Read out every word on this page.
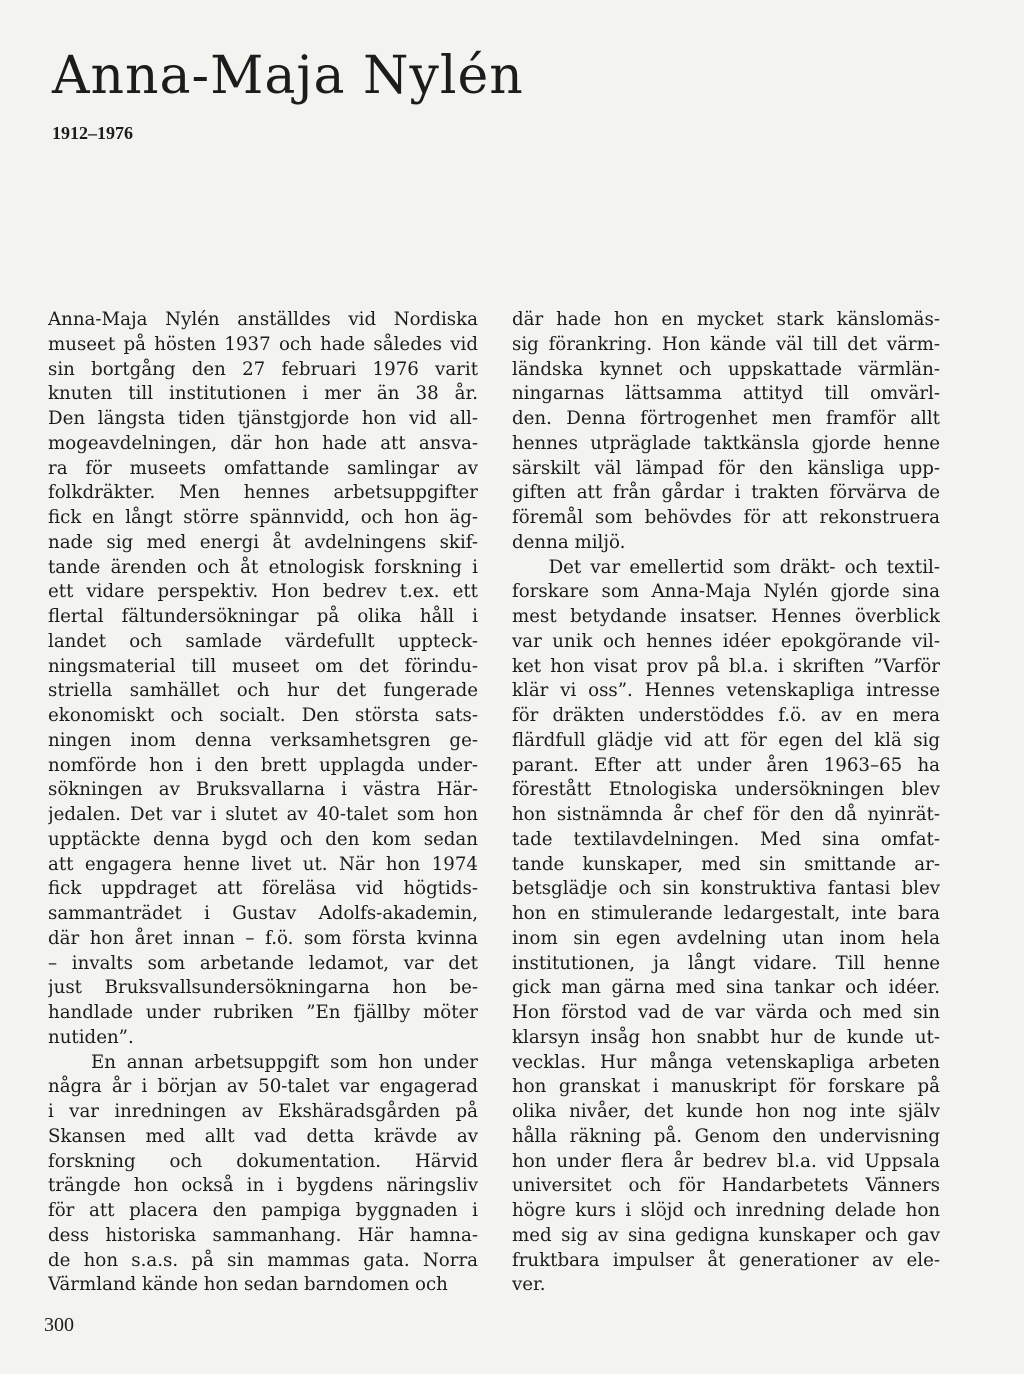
Anna-Maja Nylén
1912–1976
Anna-Maja Nylén anställdes vid Nordiska
museet på hösten 1937 och hade således vid
sin bortgång den 27 februari 1976 varit
knuten till institutionen i mer än 38 år.
Den längsta tiden tjänstgjorde hon vid all-
mogeavdelningen, där hon hade att ansva-
ra för museets omfattande samlingar av
folkdräkter. Men hennes arbetsuppgifter
fick en långt större spännvidd, och hon äg-
nade sig med energi åt avdelningens skif-
tande ärenden och åt etnologisk forskning i
ett vidare perspektiv. Hon bedrev t.ex. ett
flertal fältundersökningar på olika håll i
landet och samlade värdefullt uppteck-
ningsmaterial till museet om det förindu-
striella samhället och hur det fungerade
ekonomiskt och socialt. Den största sats-
ningen inom denna verksamhetsgren ge-
nomförde hon i den brett upplagda under-
sökningen av Bruksvallarna i västra Här-
jedalen. Det var i slutet av 40-talet som hon
upptäckte denna bygd och den kom sedan
att engagera henne livet ut. När hon 1974
fick uppdraget att föreläsa vid högtids-
sammanträdet i Gustav Adolfs-akademin,
där hon året innan – f.ö. som första kvinna
– invalts som arbetande ledamot, var det
just Bruksvallsundersökningarna hon be-
handlade under rubriken ”En fjällby möter
nutiden”.
En annan arbetsuppgift som hon under
några år i början av 50-talet var engagerad
i var inredningen av Ekshäradsgården på
Skansen med allt vad detta krävde av
forskning och dokumentation. Härvid
trängde hon också in i bygdens näringsliv
för att placera den pampiga byggnaden i
dess historiska sammanhang. Här hamna-
de hon s.a.s. på sin mammas gata. Norra
Värmland kände hon sedan barndomen och
där hade hon en mycket stark känslomäs-
sig förankring. Hon kände väl till det värm-
ländska kynnet och uppskattade värmlän-
ningarnas lättsamma attityd till omvärl-
den. Denna förtrogenhet men framför allt
hennes utpräglade taktkänsla gjorde henne
särskilt väl lämpad för den känsliga upp-
giften att från gårdar i trakten förvärva de
föremål som behövdes för att rekonstruera
denna miljö.
Det var emellertid som dräkt- och textil-
forskare som Anna-Maja Nylén gjorde sina
mest betydande insatser. Hennes överblick
var unik och hennes idéer epokgörande vil-
ket hon visat prov på bl.a. i skriften ”Varför
klär vi oss”. Hennes vetenskapliga intresse
för dräkten understöddes f.ö. av en mera
flärdfull glädje vid att för egen del klä sig
parant. Efter att under åren 1963–65 ha
förestått Etnologiska undersökningen blev
hon sistnämnda år chef för den då nyinrät-
tade textilavdelningen. Med sina omfat-
tande kunskaper, med sin smittande ar-
betsglädje och sin konstruktiva fantasi blev
hon en stimulerande ledargestalt, inte bara
inom sin egen avdelning utan inom hela
institutionen, ja långt vidare. Till henne
gick man gärna med sina tankar och idéer.
Hon förstod vad de var värda och med sin
klarsyn insåg hon snabbt hur de kunde ut-
vecklas. Hur många vetenskapliga arbeten
hon granskat i manuskript för forskare på
olika nivåer, det kunde hon nog inte själv
hålla räkning på. Genom den undervisning
hon under flera år bedrev bl.a. vid Uppsala
universitet och för Handarbetets Vänners
högre kurs i slöjd och inredning delade hon
med sig av sina gedigna kunskaper och gav
fruktbara impulser åt generationer av ele-
ver.
300
